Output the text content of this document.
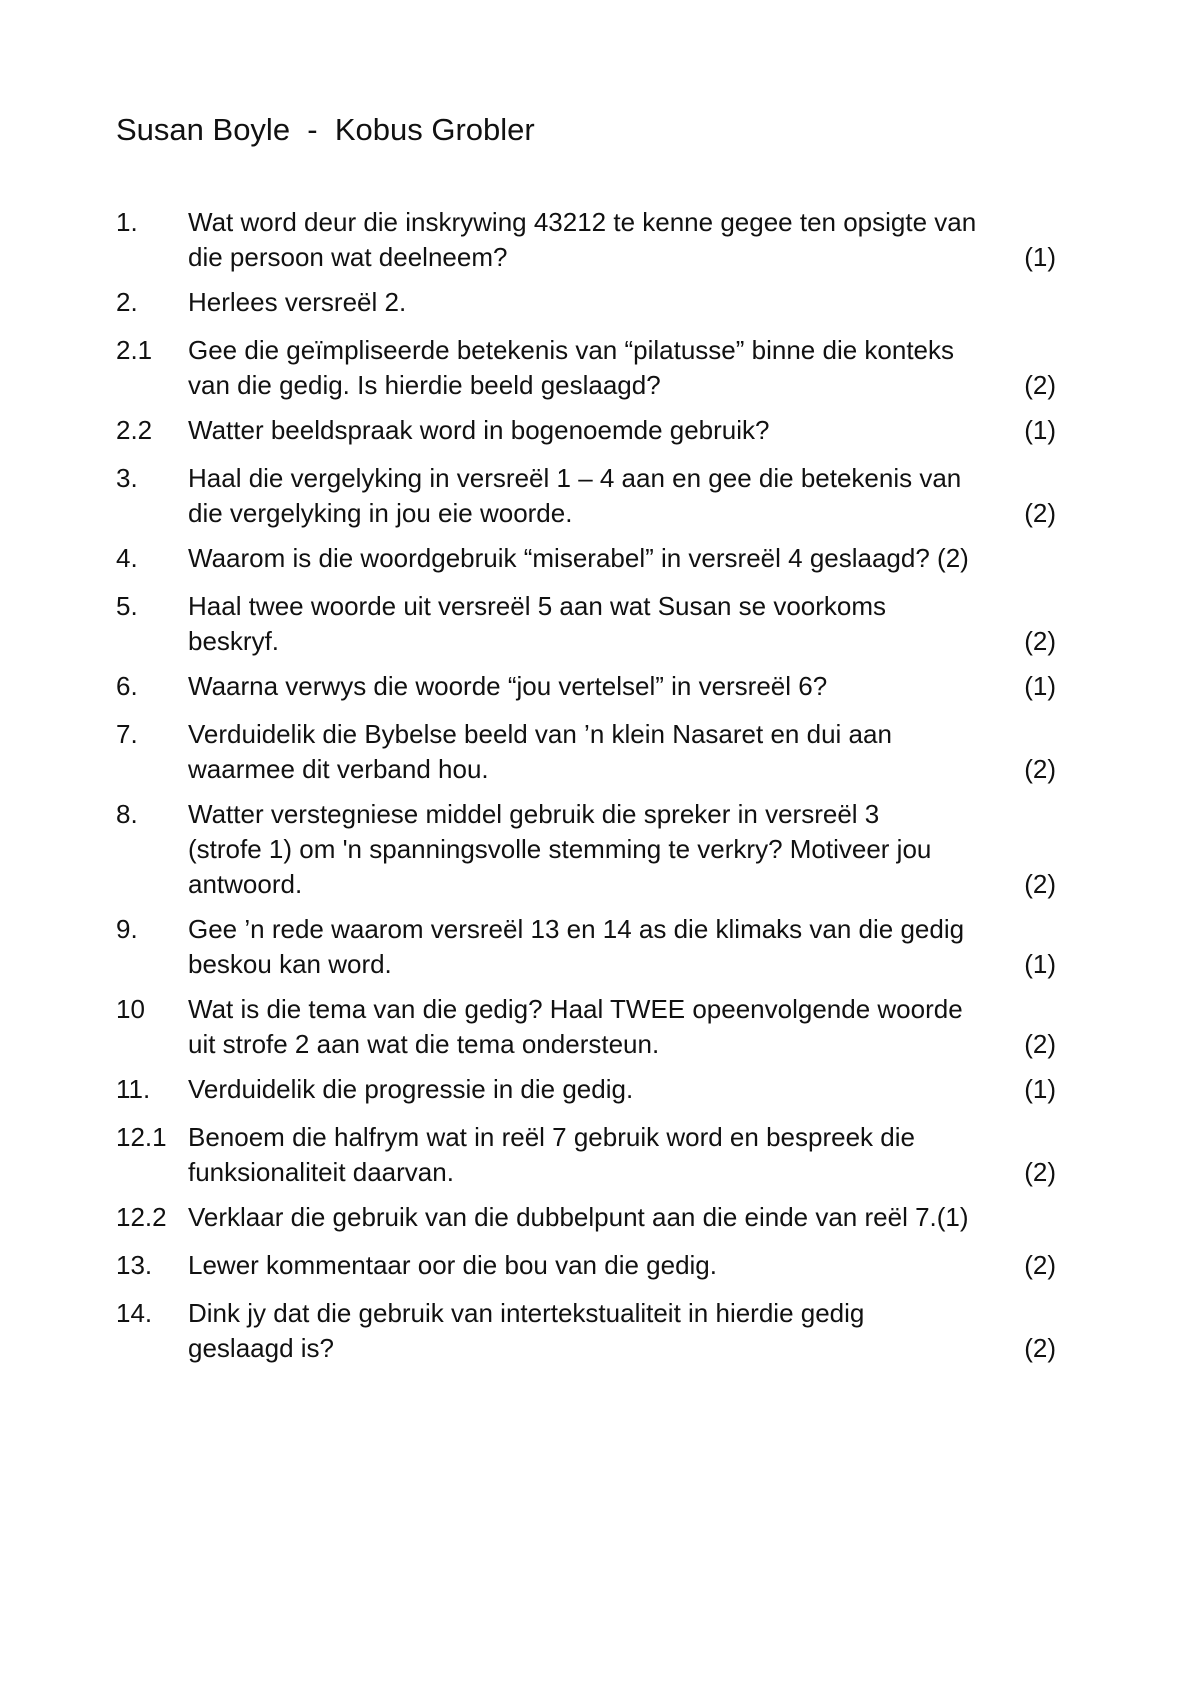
Susan Boyle  -  Kobus Grobler
1.	Wat word deur die inskrywing 43212 te kenne gegee ten opsigte van
die persoon wat deelneem?	(1)
2.	Herlees versreël 2.
2.1	Gee die geïmpliseerde betekenis van “pilatusse” binne die konteks
van die gedig. Is hierdie beeld geslaagd?	(2)
2.2	Watter beeldspraak word in bogenoemde gebruik?	(1)
3.	Haal die vergelyking in versreël 1 – 4 aan en gee die betekenis van
die vergelyking in jou eie woorde.	(2)
4.	Waarom is die woordgebruik “miserabel” in versreël 4 geslaagd? (2)
5.	Haal twee woorde uit versreël 5 aan wat Susan se voorkoms
beskryf.	(2)
6.	Waarna verwys die woorde “jou vertelsel” in versreël 6?	(1)
7.	Verduidelik die Bybelse beeld van ’n klein Nasaret en dui aan
waarmee dit verband hou.	(2)
8.	Watter verstegniese middel gebruik die spreker in versreël 3
(strofe 1) om 'n spanningsvolle stemming te verkry? Motiveer jou
antwoord.	(2)
9.	Gee ’n rede waarom versreël 13 en 14 as die klimaks van die gedig
beskou kan word.	(1)
10	Wat is die tema van die gedig? Haal TWEE opeenvolgende woorde
uit strofe 2 aan wat die tema ondersteun.	(2)
11.	Verduidelik die progressie in die gedig.	(1)
12.1 Benoem die halfrym wat in reël 7 gebruik word en bespreek die
funksionaliteit daarvan.	(2)
12.2 Verklaar die gebruik van die dubbelpunt aan die einde van reël 7.(1)
13.	Lewer kommentaar oor die bou van die gedig.	(2)
14.	Dink jy dat die gebruik van intertekstualiteit in hierdie gedig
geslaagd is?	(2)
